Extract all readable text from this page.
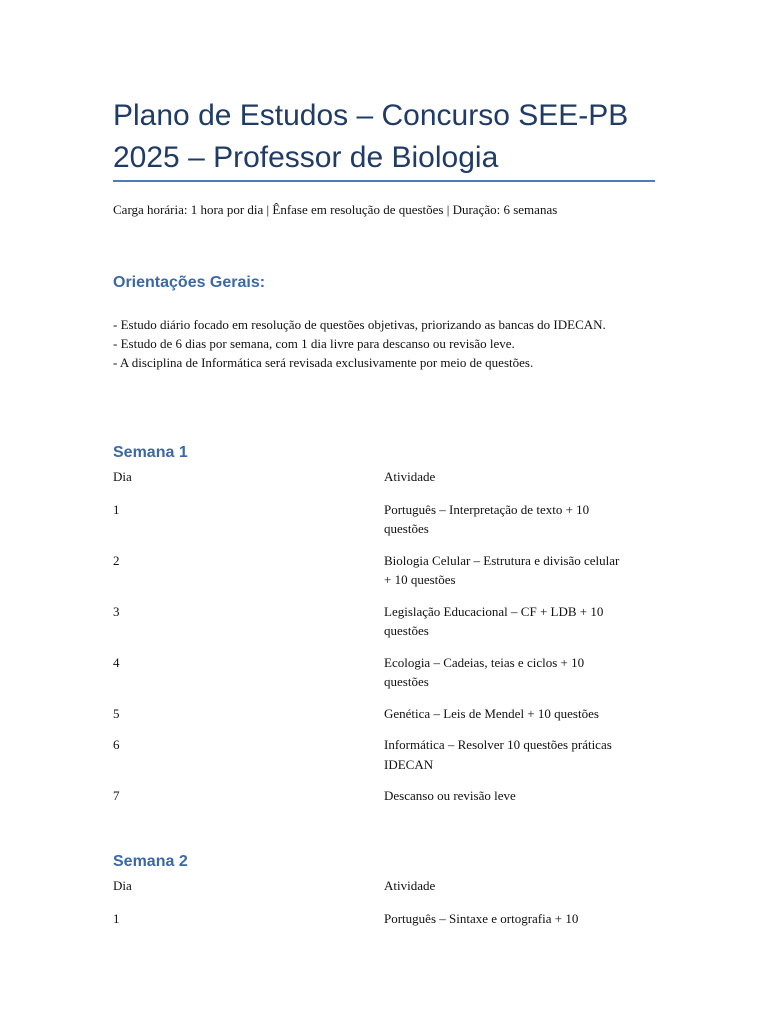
Plano de Estudos – Concurso SEE-PB 2025 – Professor de Biologia
Carga horária: 1 hora por dia | Ênfase em resolução de questões | Duração: 6 semanas
Orientações Gerais:
- Estudo diário focado em resolução de questões objetivas, priorizando as bancas do IDECAN.
- Estudo de 6 dias por semana, com 1 dia livre para descanso ou revisão leve.
- A disciplina de Informática será revisada exclusivamente por meio de questões.
Semana 1
Dia	Atividade
1	Português – Interpretação de texto + 10 questões
2	Biologia Celular – Estrutura e divisão celular + 10 questões
3	Legislação Educacional – CF + LDB + 10 questões
4	Ecologia – Cadeias, teias e ciclos + 10 questões
5	Genética – Leis de Mendel + 10 questões
6	Informática – Resolver 10 questões práticas IDECAN
7	Descanso ou revisão leve
Semana 2
Dia	Atividade
1	Português – Sintaxe e ortografia + 10
